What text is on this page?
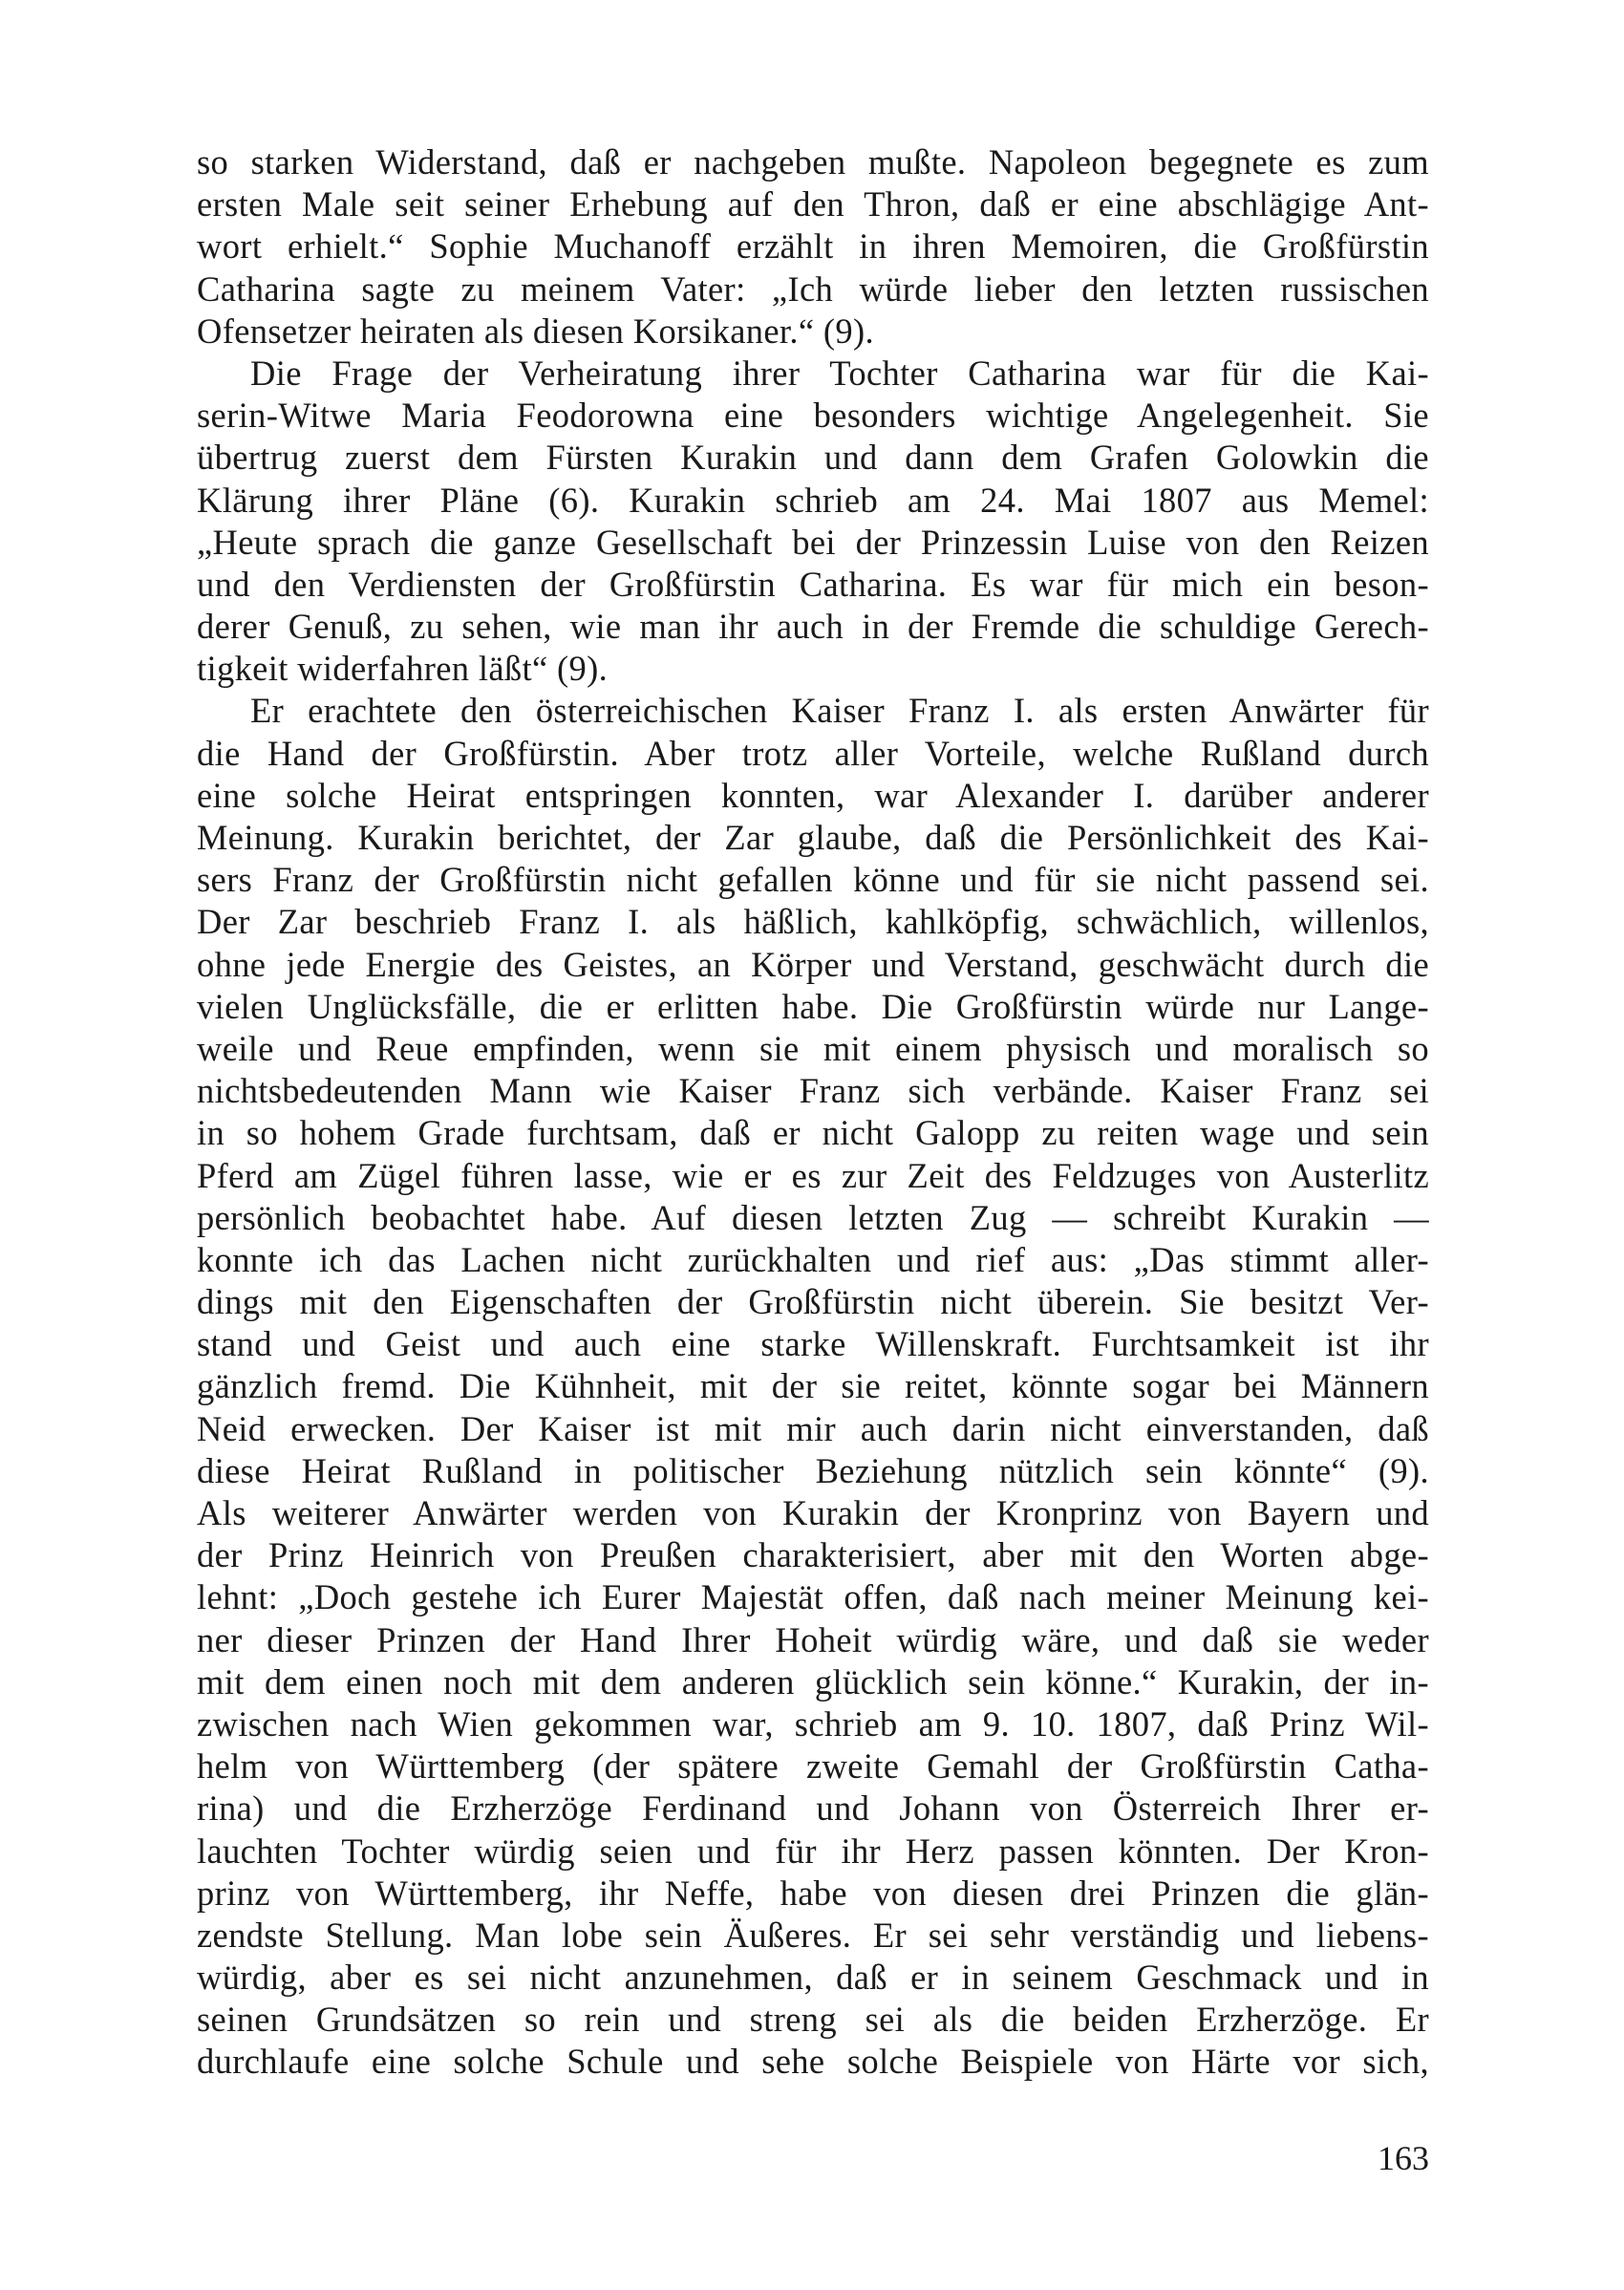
so starken Widerstand, daß er nachgeben mußte. Napoleon begegnete es zum
ersten Male seit seiner Erhebung auf den Thron, daß er eine abschlägige Ant-
wort erhielt.“ Sophie Muchanoff erzählt in ihren Memoiren, die Großfürstin
Catharina sagte zu meinem Vater: „Ich würde lieber den letzten russischen
Ofensetzer heiraten als diesen Korsikaner.“ (9).
Die Frage der Verheiratung ihrer Tochter Catharina war für die Kai-
serin-Witwe Maria Feodorowna eine besonders wichtige Angelegenheit. Sie
übertrug zuerst dem Fürsten Kurakin und dann dem Grafen Golowkin die
Klärung ihrer Pläne (6). Kurakin schrieb am 24. Mai 1807 aus Memel:
„Heute sprach die ganze Gesellschaft bei der Prinzessin Luise von den Reizen
und den Verdiensten der Großfürstin Catharina. Es war für mich ein beson-
derer Genuß, zu sehen, wie man ihr auch in der Fremde die schuldige Gerech-
tigkeit widerfahren läßt“ (9).
Er erachtete den österreichischen Kaiser Franz I. als ersten Anwärter für
die Hand der Großfürstin. Aber trotz aller Vorteile, welche Rußland durch
eine solche Heirat entspringen konnten, war Alexander I. darüber anderer
Meinung. Kurakin berichtet, der Zar glaube, daß die Persönlichkeit des Kai-
sers Franz der Großfürstin nicht gefallen könne und für sie nicht passend sei.
Der Zar beschrieb Franz I. als häßlich, kahlköpfig, schwächlich, willenlos,
ohne jede Energie des Geistes, an Körper und Verstand, geschwächt durch die
vielen Unglücksfälle, die er erlitten habe. Die Großfürstin würde nur Lange-
weile und Reue empfinden, wenn sie mit einem physisch und moralisch so
nichtsbedeutenden Mann wie Kaiser Franz sich verbände. Kaiser Franz sei
in so hohem Grade furchtsam, daß er nicht Galopp zu reiten wage und sein
Pferd am Zügel führen lasse, wie er es zur Zeit des Feldzuges von Austerlitz
persönlich beobachtet habe. Auf diesen letzten Zug — schreibt Kurakin —
konnte ich das Lachen nicht zurückhalten und rief aus: „Das stimmt aller-
dings mit den Eigenschaften der Großfürstin nicht überein. Sie besitzt Ver-
stand und Geist und auch eine starke Willenskraft. Furchtsamkeit ist ihr
gänzlich fremd. Die Kühnheit, mit der sie reitet, könnte sogar bei Männern
Neid erwecken. Der Kaiser ist mit mir auch darin nicht einverstanden, daß
diese Heirat Rußland in politischer Beziehung nützlich sein könnte“ (9).
Als weiterer Anwärter werden von Kurakin der Kronprinz von Bayern und
der Prinz Heinrich von Preußen charakterisiert, aber mit den Worten abge-
lehnt: „Doch gestehe ich Eurer Majestät offen, daß nach meiner Meinung kei-
ner dieser Prinzen der Hand Ihrer Hoheit würdig wäre, und daß sie weder
mit dem einen noch mit dem anderen glücklich sein könne.“ Kurakin, der in-
zwischen nach Wien gekommen war, schrieb am 9. 10. 1807, daß Prinz Wil-
helm von Württemberg (der spätere zweite Gemahl der Großfürstin Catha-
rina) und die Erzherzöge Ferdinand und Johann von Österreich Ihrer er-
lauchten Tochter würdig seien und für ihr Herz passen könnten. Der Kron-
prinz von Württemberg, ihr Neffe, habe von diesen drei Prinzen die glän-
zendste Stellung. Man lobe sein Äußeres. Er sei sehr verständig und liebens-
würdig, aber es sei nicht anzunehmen, daß er in seinem Geschmack und in
seinen Grundsätzen so rein und streng sei als die beiden Erzherzöge. Er
durchlaufe eine solche Schule und sehe solche Beispiele von Härte vor sich,
163
